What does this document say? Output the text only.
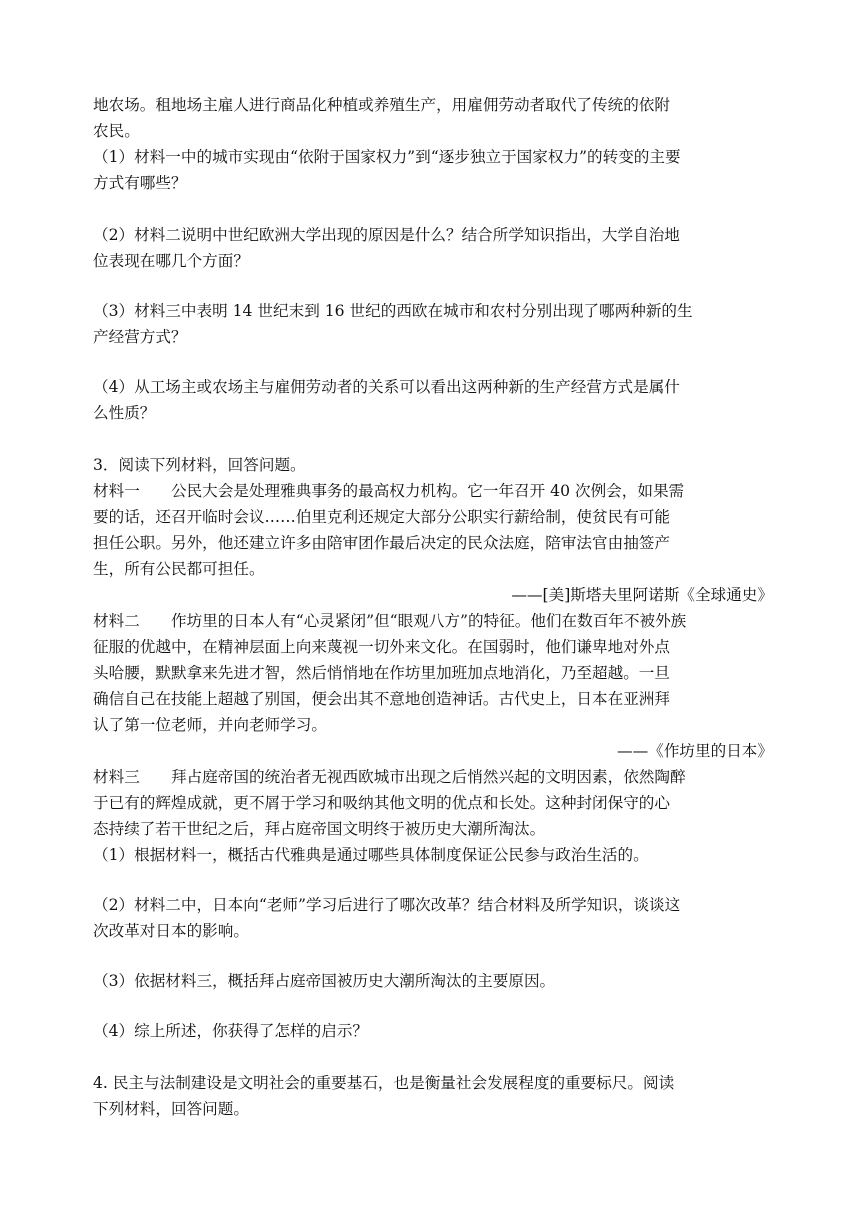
地农场。租地场主雇人进行商品化种植或养殖生产，用雇佣劳动者取代了传统的依附
农民。

（1）材料一中的城市实现由“依附于国家权力”到“逐步独立于国家权力”的转变的主要
方式有哪些？

（2）材料二说明中世纪欧洲大学出现的原因是什么？结合所学知识指出，大学自治地
位表现在哪几个方面？

（3）材料三中表明 14 世纪末到 16 世纪的西欧在城市和农村分别出现了哪两种新的生
产经营方式？

（4）从工场主或农场主与雇佣劳动者的关系可以看出这两种新的生产经营方式是属什
么性质？

3．阅读下列材料，回答问题。

材料一　　公民大会是处理雅典事务的最高权力机构。它一年召开 40 次例会，如果需
要的话，还召开临时会议……伯里克利还规定大部分公职实行薪给制，使贫民有可能
担任公职。另外，他还建立许多由陪审团作最后决定的民众法庭，陪审法官由抽签产
生，所有公民都可担任。

——[美]斯塔夫里阿诺斯《全球通史》

材料二　　作坊里的日本人有“心灵紧闭”但“眼观八方”的特征。他们在数百年不被外族
征服的优越中，在精神层面上向来蔑视一切外来文化。在国弱时，他们谦卑地对外点
头哈腰，默默拿来先进才智，然后悄悄地在作坊里加班加点地消化，乃至超越。一旦
确信自己在技能上超越了别国，便会出其不意地创造神话。古代史上，日本在亚洲拜
认了第一位老师，并向老师学习。

——《作坊里的日本》

材料三　　拜占庭帝国的统治者无视西欧城市出现之后悄然兴起的文明因素，依然陶醉
于已有的辉煌成就，更不屑于学习和吸纳其他文明的优点和长处。这种封闭保守的心
态持续了若干世纪之后，拜占庭帝国文明终于被历史大潮所淘汰。

（1）根据材料一，概括古代雅典是通过哪些具体制度保证公民参与政治生活的。

（2）材料二中，日本向“老师”学习后进行了哪次改革？结合材料及所学知识，谈谈这
次改革对日本的影响。

（3）依据材料三，概括拜占庭帝国被历史大潮所淘汰的主要原因。

（4）综上所述，你获得了怎样的启示？

4. 民主与法制建设是文明社会的重要基石，也是衡量社会发展程度的重要标尺。阅读
下列材料，回答问题。
